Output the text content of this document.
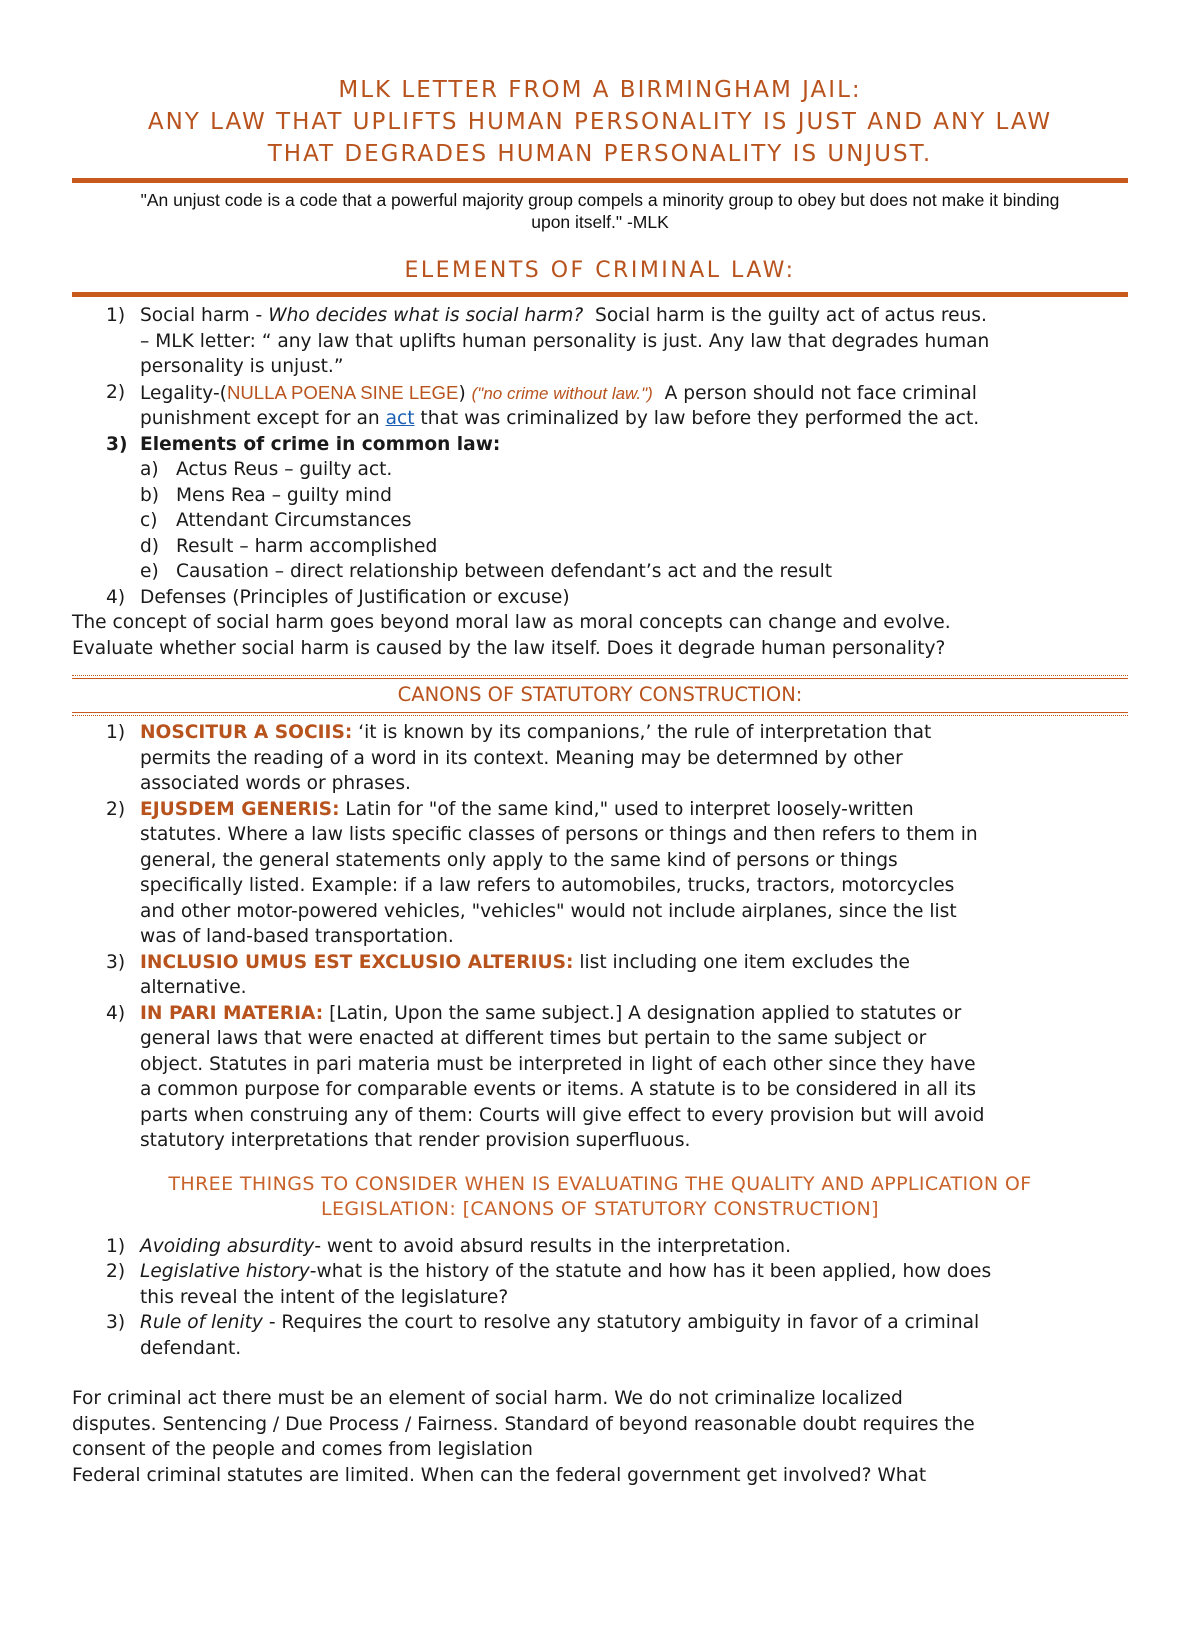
MLK LETTER FROM A BIRMINGHAM JAIL:
ANY LAW THAT UPLIFTS HUMAN PERSONALITY IS JUST AND ANY LAW
THAT DEGRADES HUMAN PERSONALITY IS UNJUST.
"An unjust code is a code that a powerful majority group compels a minority group to obey but does not make it binding
upon itself." -MLK
ELEMENTS OF CRIMINAL LAW:
1) Social harm - Who decides what is social harm?  Social harm is the guilty act of actus reus.
– MLK letter: “ any law that uplifts human personality is just. Any law that degrades human
personality is unjust.”
2) Legality-(NULLA POENA SINE LEGE) ("no crime without law.")  A person should not face criminal
punishment except for an act that was criminalized by law before they performed the act.
3) Elements of crime in common law:
a) Actus Reus – guilty act.
b) Mens Rea – guilty mind
c) Attendant Circumstances
d) Result – harm accomplished
e) Causation – direct relationship between defendant’s act and the result
4) Defenses (Principles of Justification or excuse)
The concept of social harm goes beyond moral law as moral concepts can change and evolve.
Evaluate whether social harm is caused by the law itself. Does it degrade human personality?
CANONS OF STATUTORY CONSTRUCTION:
1) NOSCITUR A SOCIIS: ‘it is known by its companions,’ the rule of interpretation that
permits the reading of a word in its context. Meaning may be determned by other
associated words or phrases.
2) EJUSDEM GENERIS: Latin for "of the same kind," used to interpret loosely-written
statutes. Where a law lists specific classes of persons or things and then refers to them in
general, the general statements only apply to the same kind of persons or things
specifically listed. Example: if a law refers to automobiles, trucks, tractors, motorcycles
and other motor-powered vehicles, "vehicles" would not include airplanes, since the list
was of land-based transportation.
3) INCLUSIO UMUS EST EXCLUSIO ALTERIUS: list including one item excludes the
alternative.
4) IN PARI MATERIA: [Latin, Upon the same subject.] A designation applied to statutes or
general laws that were enacted at different times but pertain to the same subject or
object. Statutes in pari materia must be interpreted in light of each other since they have
a common purpose for comparable events or items. A statute is to be considered in all its
parts when construing any of them: Courts will give effect to every provision but will avoid
statutory interpretations that render provision superfluous.
THREE THINGS TO CONSIDER WHEN IS EVALUATING THE QUALITY AND APPLICATION OF
LEGISLATION: [CANONS OF STATUTORY CONSTRUCTION]
1) Avoiding absurdity- went to avoid absurd results in the interpretation.
2) Legislative history-what is the history of the statute and how has it been applied, how does
this reveal the intent of the legislature?
3) Rule of lenity - Requires the court to resolve any statutory ambiguity in favor of a criminal
defendant.
For criminal act there must be an element of social harm. We do not criminalize localized
disputes. Sentencing / Due Process / Fairness. Standard of beyond reasonable doubt requires the
consent of the people and comes from legislation
Federal criminal statutes are limited. When can the federal government get involved? What
